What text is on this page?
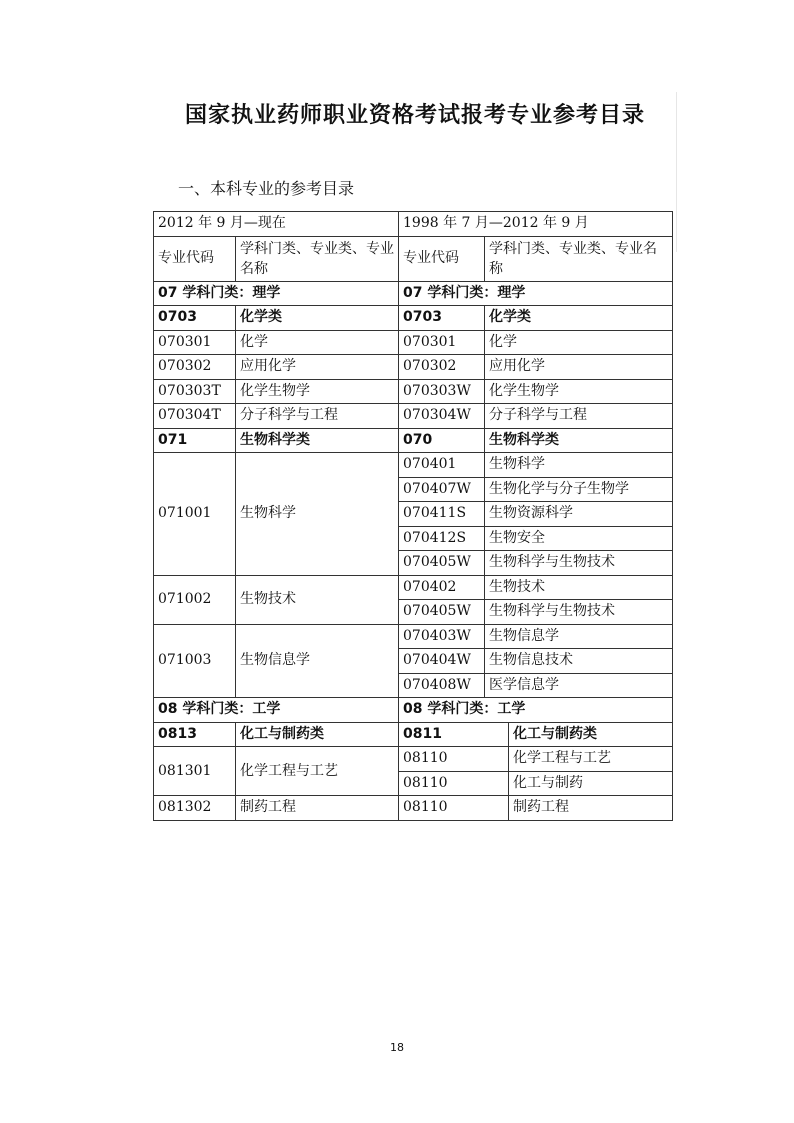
国家执业药师职业资格考试报考专业参考目录
一、本科专业的参考目录
2012 年 9 月—现在		1998 年 7 月—2012 年 9 月		
专业代码	学科门类、专业类、专业名称	专业代码	学科门类、专业类、专业名称	
07 学科门类：理学		07 学科门类：理学		
0703	化学类	0703	化学类	
070301	化学	070301	化学	
070302	应用化学	070302	应用化学	
070303T	化学生物学	070303W	化学生物学	
070304T	分子科学与工程	070304W	分子科学与工程	
071	生物科学类	070	生物科学类	
071001	生物科学	070401	生物科学	
		070407W	生物化学与分子生物学	
		070411S	生物资源科学	
		070412S	生物安全	
		070405W	生物科学与生物技术	
071002	生物技术	070402	生物技术	
		070405W	生物科学与生物技术	
071003	生物信息学	070403W	生物信息学	
		070404W	生物信息技术	
		070408W	医学信息学	
08 学科门类：工学		08 学科门类：工学		
0813	化工与制药类	0811		化工与制药类
081301	化学工程与工艺	08110		化学工程与工艺
		08110		化工与制药
081302	制药工程	08110		制药工程
18
